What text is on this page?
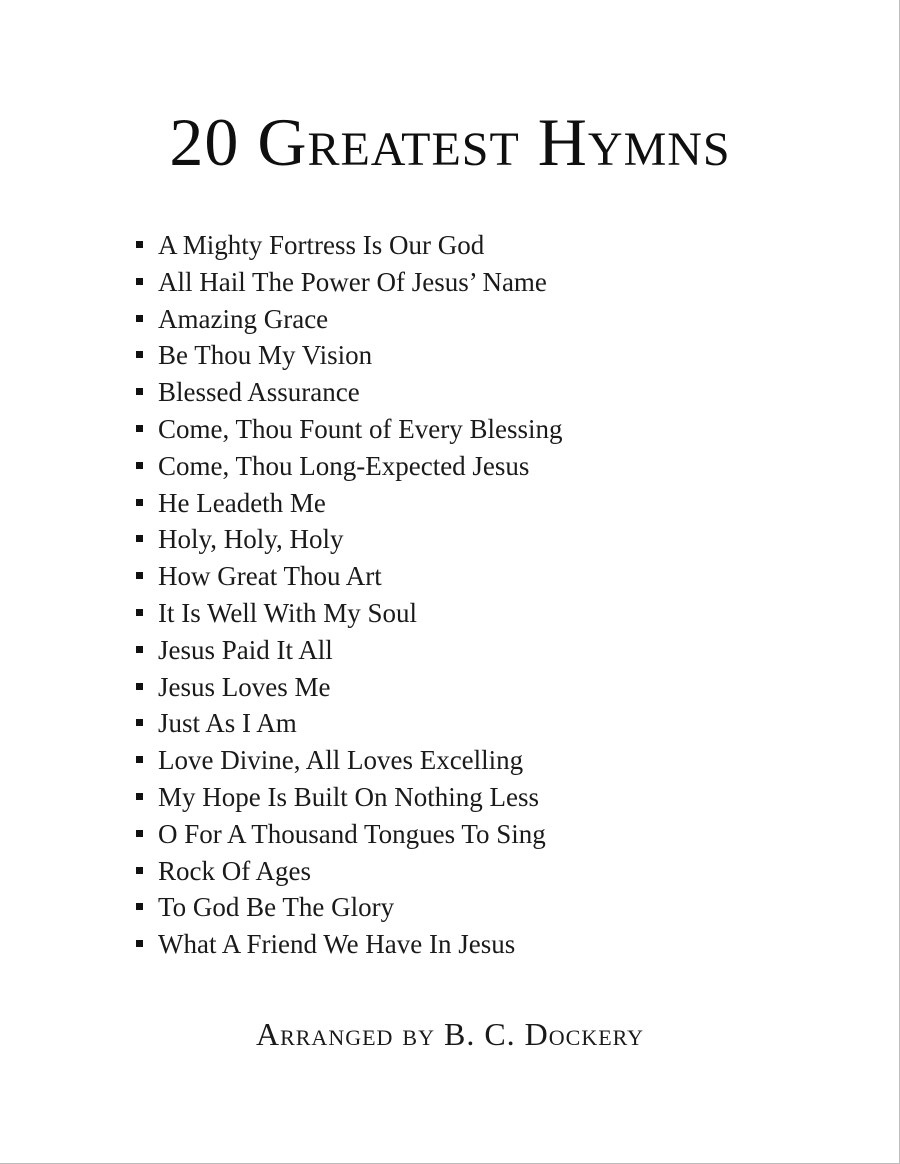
20 Greatest Hymns
A Mighty Fortress Is Our God
All Hail The Power Of Jesus’ Name
Amazing Grace
Be Thou My Vision
Blessed Assurance
Come, Thou Fount of Every Blessing
Come, Thou Long-Expected Jesus
He Leadeth Me
Holy, Holy, Holy
How Great Thou Art
It Is Well With My Soul
Jesus Paid It All
Jesus Loves Me
Just As I Am
Love Divine, All Loves Excelling
My Hope Is Built On Nothing Less
O For A Thousand Tongues To Sing
Rock Of Ages
To God Be The Glory
What A Friend We Have In Jesus
Arranged by B. C. Dockery
